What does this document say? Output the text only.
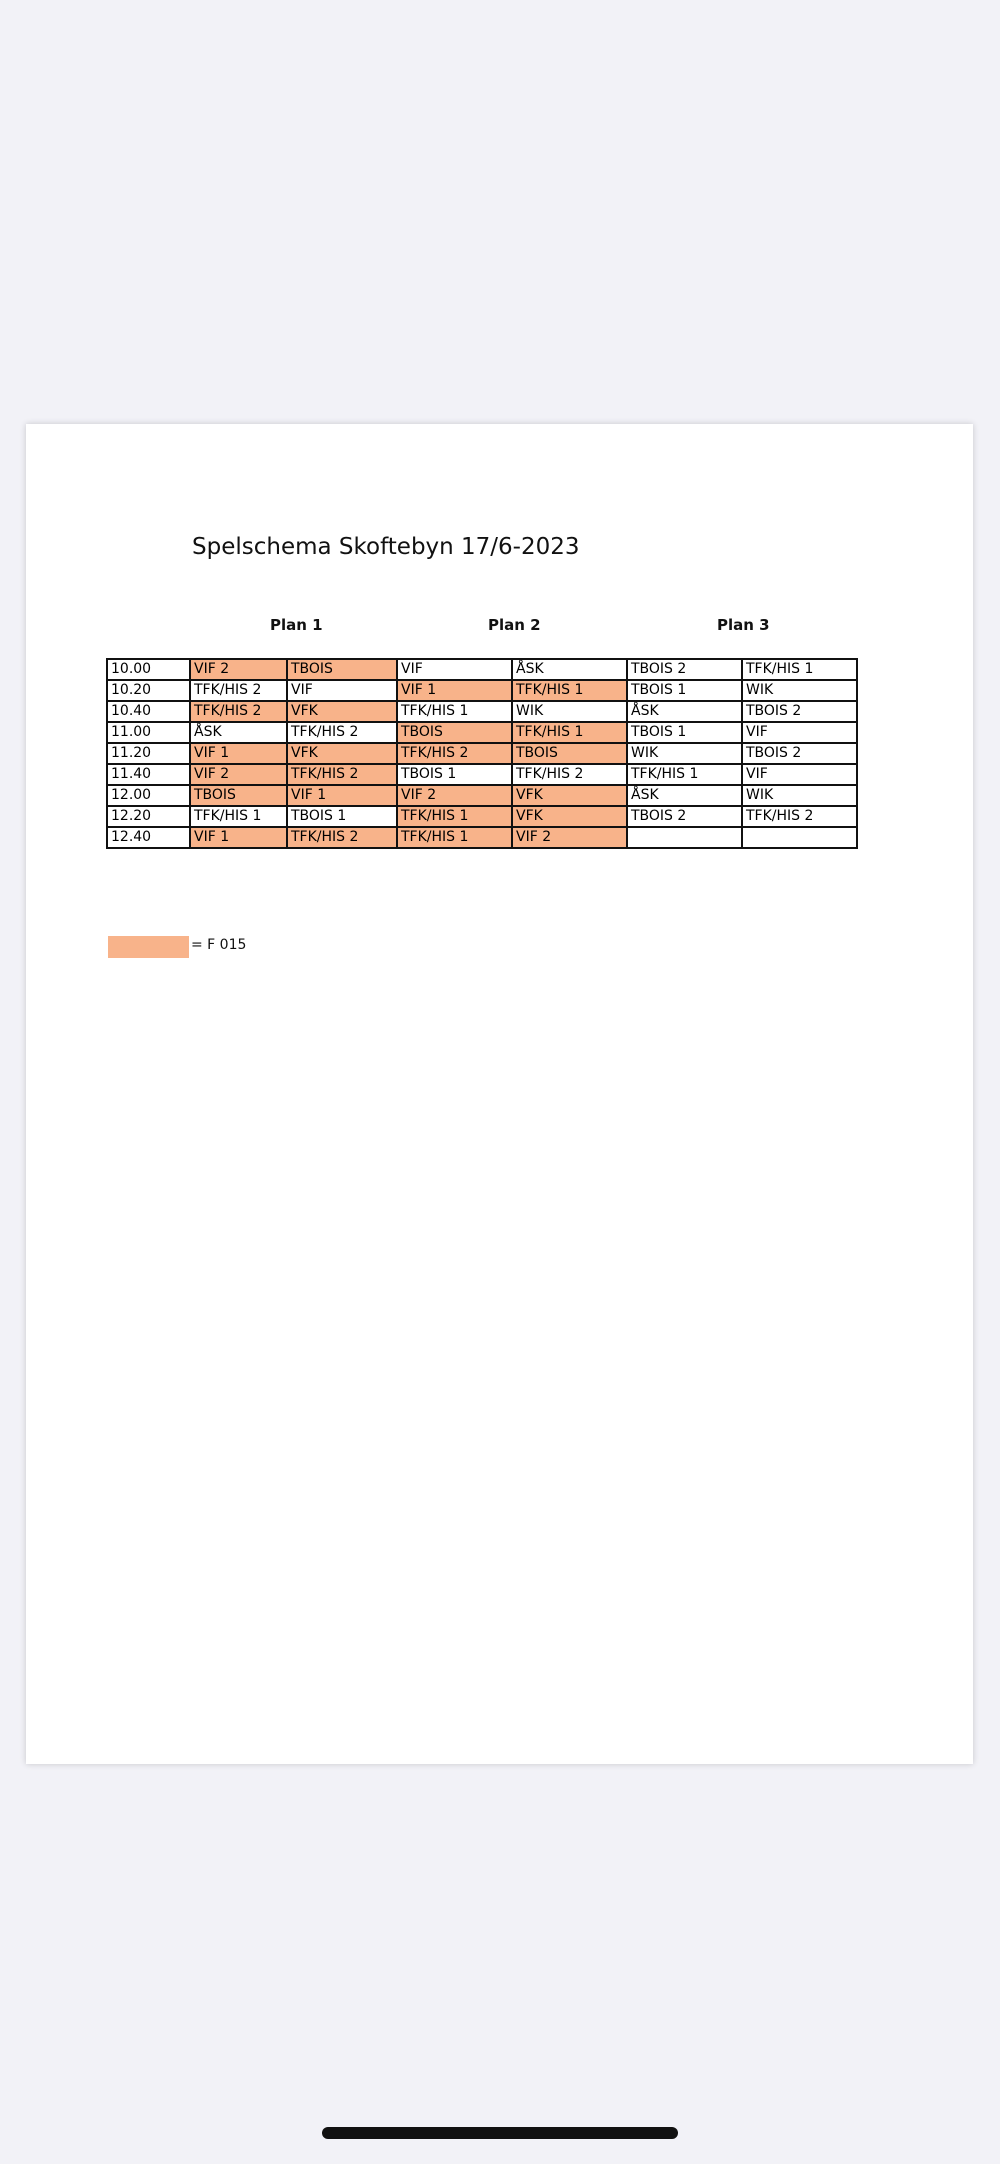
Spelschema Skoftebyn 17/6-2023
Plan 1	Plan 2	Plan 3
10.00	VIF 2	TBOIS	VIF	ÅSK	TBOIS 2	TFK/HIS 1
10.20	TFK/HIS 2	VIF	VIF 1	TFK/HIS 1	TBOIS 1	WIK
10.40	TFK/HIS 2	VFK	TFK/HIS 1	WIK	ÅSK	TBOIS 2
11.00	ÅSK	TFK/HIS 2	TBOIS	TFK/HIS 1	TBOIS 1	VIF
11.20	VIF 1	VFK	TFK/HIS 2	TBOIS	WIK	TBOIS 2
11.40	VIF 2	TFK/HIS 2	TBOIS 1	TFK/HIS 2	TFK/HIS 1	VIF
12.00	TBOIS	VIF 1	VIF 2	VFK	ÅSK	WIK
12.20	TFK/HIS 1	TBOIS 1	TFK/HIS 1	VFK	TBOIS 2	TFK/HIS 2
12.40	VIF 1	TFK/HIS 2	TFK/HIS 1	VIF 2		
= F 015
